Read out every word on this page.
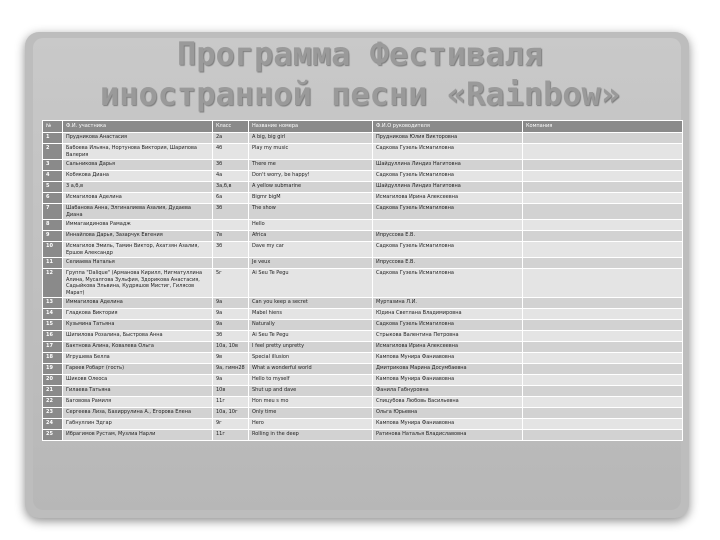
Программа Фестиваля
иностранной песни «Rainbow»
№	Ф.И. участника	Класс	Название номера	Ф.И.О руководителя	Компания
1	Прудникова Анастасия	2а	A big, big girl	Прудникова Юлия Викторовна	
2	Бабоева Ильяна, Нортунова Виктория, Шарипова Валерия	4б	Play my music	Садкова Гузель Исмагиловна	
3	Сальникова Дарья	3б	There me	Шайдуллина Линдиз Нагитовна	
4	Кобякова Диана	4а	Don't worry, be happy!	Садкова Гузель Исмагиловна	
5	3 а,б,в	3а,б,в	A yellow submarine	Шайдуллина Линдиз Нагитовна	
6	Исмагилова Аделина	6а	Bigmr bigM	Исмагилова Ирина Алексеевна	
7	Шабанова Анна, Элгиналиева Азалия, Дудаева Диана	3б	The show	Садкова Гузель Исмагиловна	
8	Иммагаидинова Рамадж		Hello		
9	Иннайлова Дарья, Зазарчук Евгения	7в	Africa	Ипруссова Е.В.	
10	Исмагилов Эмиль, Тамин Виктор, Ахатзян Азалия, Ершов Александр	3б	Dave my car	Садкова Гузель Исмагиловна	
11	Селиаева Наталья		Je veux	Ипруссова Е.В.	
12	Группа "Dalique" (Арманова Кирилл, Нигматуллина Алина, Мусалгова Зульфия, Здорикова Анастасия, Садыйкова Эльвина, Кудряшов Мистиг, Гилясов Марат)	5г	Ai Seu Te Pegu	Садкова Гузель Исмагиловна	
13	Иммагилова Аделина	9а	Can you keep a secret	Муртазина Л.И.	
14	Гладкова Виктория	9а	Mabel hiens	Юдина Светлана Владимировна	
15	Кузьмина Татьяна	9а	Naturally	Садкова Гузель Исмагиловна	
16	Шипилова Розалина, Быстрова Анна	3б	Ai Seu Te Pegu	Стрыкова Валентина Петровна	
17	Бактнова Алина, Ковалева Ольга	10а, 10в	I feel pretty unpretty	Исмагилова Ирина Алексеевна	
18	Игрушева Белла	9в	Special illusion	Кампова Мунира Фаниавовна	
19	Гареев Робарт (гость)	9а, гимн28	What a wonderful world	Дмитрикова Марина Досумбаевна	
20	Шиковв Олеоса	9а	Hello to myself	Кампова Мунира Фаниавовна	
21	Гилаева Татьяна	10в	Shut up and dave	Фанила Габнуровна	
22	Баговова Рамиля	11г	Hon meu s mo	Спицубова Любовь Васильевна	
23	Сергеева Лиза, Бахиррулина А., Егорова Елена	10а, 10г	Only time	Ольга Юрьевна	
24	Габнуллин Эдгар	9г	Hero	Кампова Мунира Фаниавовна	
25	Ибрагимов Рустам, Музлиа Нарли	11г	Rolling in the deep	Ратинова Наталья Владиславовна	
